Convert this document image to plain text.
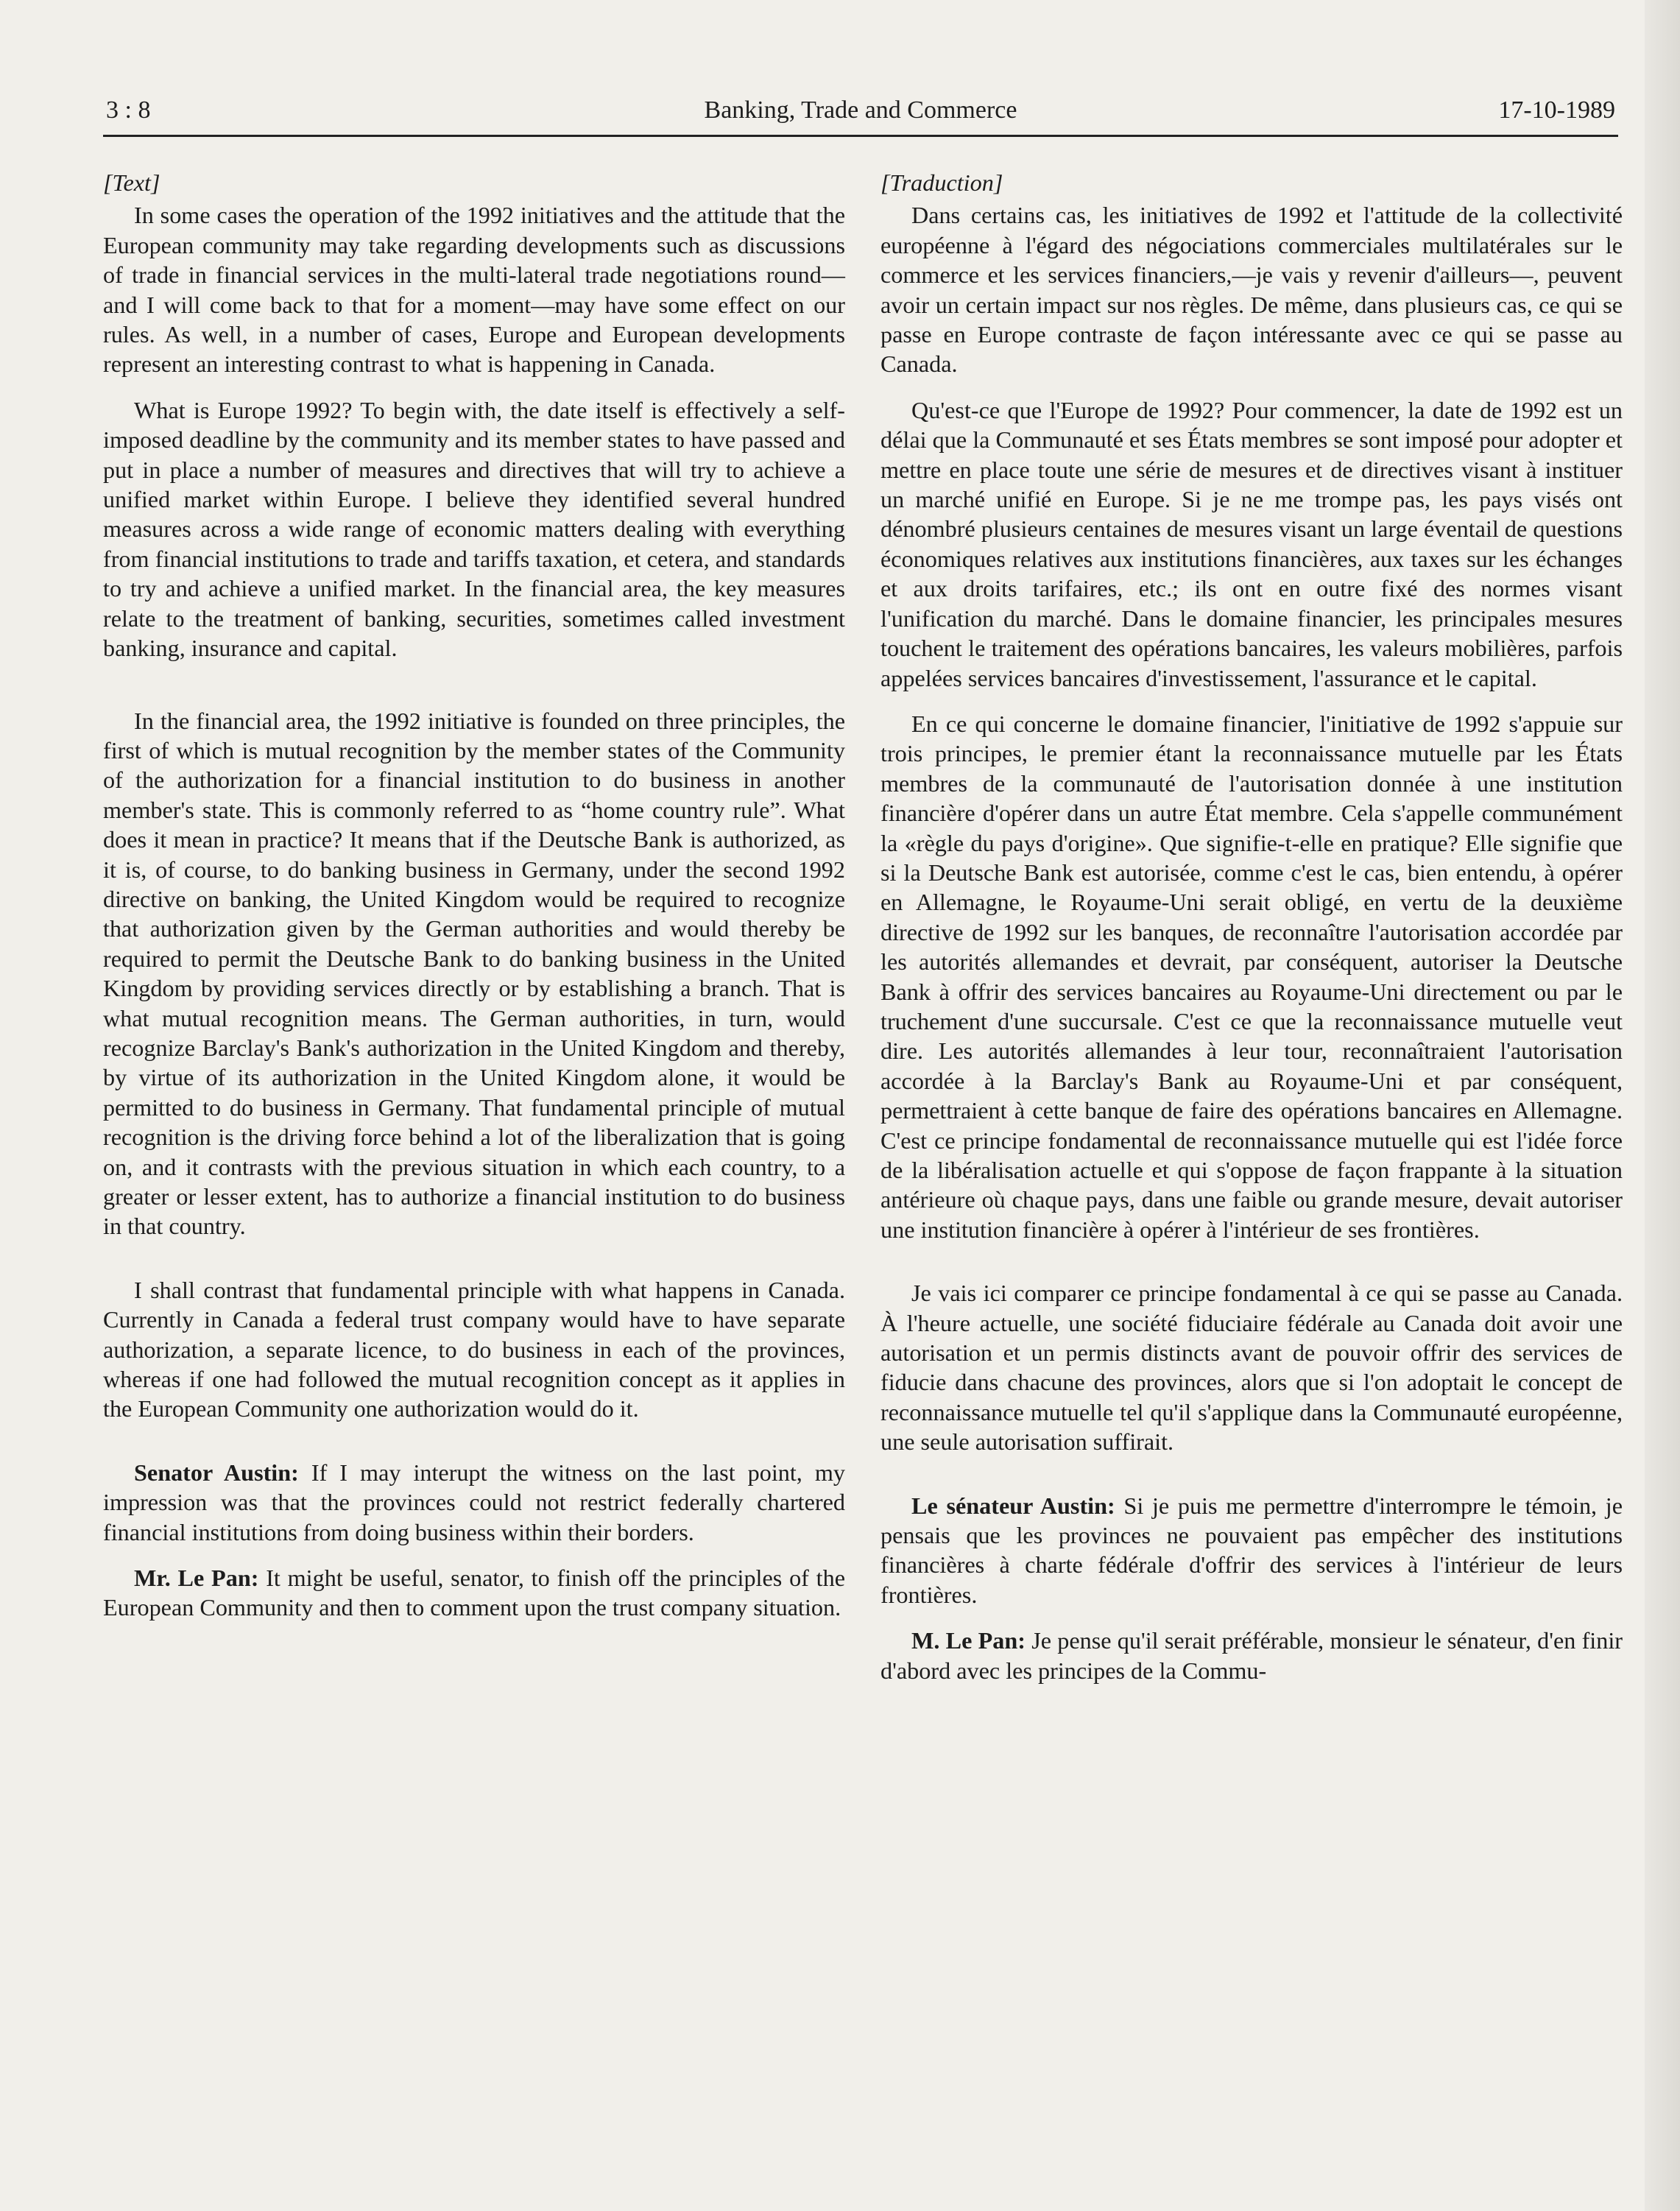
3 : 8	Banking, Trade and Commerce	17-10-1989
[Text]

In some cases the operation of the 1992 initiatives and the attitude that the European community may take regarding developments such as discussions of trade in financial services in the multi-lateral trade negotiations round—and I will come back to that for a moment—may have some effect on our rules. As well, in a number of cases, Europe and European developments represent an interesting contrast to what is happening in Canada.

What is Europe 1992? To begin with, the date itself is effectively a self-imposed deadline by the community and its member states to have passed and put in place a number of measures and directives that will try to achieve a unified market within Europe. I believe they identified several hundred measures across a wide range of economic matters dealing with everything from financial institutions to trade and tariffs taxation, et cetera, and standards to try and achieve a unified market. In the financial area, the key measures relate to the treatment of banking, securities, sometimes called investment banking, insurance and capital.

In the financial area, the 1992 initiative is founded on three principles, the first of which is mutual recognition by the member states of the Community of the authorization for a financial institution to do business in another member's state. This is commonly referred to as “home country rule”. What does it mean in practice? It means that if the Deutsche Bank is authorized, as it is, of course, to do banking business in Germany, under the second 1992 directive on banking, the United Kingdom would be required to recognize that authorization given by the German authorities and would thereby be required to permit the Deutsche Bank to do banking business in the United Kingdom by providing services directly or by establishing a branch. That is what mutual recognition means. The German authorities, in turn, would recognize Barclay's Bank's authorization in the United Kingdom and thereby, by virtue of its authorization in the United Kingdom alone, it would be permitted to do business in Germany. That fundamental principle of mutual recognition is the driving force behind a lot of the liberalization that is going on, and it contrasts with the previous situation in which each country, to a greater or lesser extent, has to authorize a financial institution to do business in that country.

I shall contrast that fundamental principle with what happens in Canada. Currently in Canada a federal trust company would have to have separate authorization, a separate licence, to do business in each of the provinces, whereas if one had followed the mutual recognition concept as it applies in the European Community one authorization would do it.

Senator Austin: If I may interupt the witness on the last point, my impression was that the provinces could not restrict federally chartered financial institutions from doing business within their borders.

Mr. Le Pan: It might be useful, senator, to finish off the principles of the European Community and then to comment upon the trust company situation.

[Traduction]

Dans certains cas, les initiatives de 1992 et l'attitude de la collectivité européenne à l'égard des négociations commerciales multilatérales sur le commerce et les services financiers,—je vais y revenir d'ailleurs—, peuvent avoir un certain impact sur nos règles. De même, dans plusieurs cas, ce qui se passe en Europe contraste de façon intéressante avec ce qui se passe au Canada.

Qu'est-ce que l'Europe de 1992? Pour commencer, la date de 1992 est un délai que la Communauté et ses États membres se sont imposé pour adopter et mettre en place toute une série de mesures et de directives visant à instituer un marché unifié en Europe. Si je ne me trompe pas, les pays visés ont dénombré plusieurs centaines de mesures visant un large éventail de questions économiques relatives aux institutions financières, aux taxes sur les échanges et aux droits tarifaires, etc.; ils ont en outre fixé des normes visant l'unification du marché. Dans le domaine financier, les principales mesures touchent le traitement des opérations bancaires, les valeurs mobilières, parfois appelées services bancaires d'investissement, l'assurance et le capital.

En ce qui concerne le domaine financier, l'initiative de 1992 s'appuie sur trois principes, le premier étant la reconnaissance mutuelle par les États membres de la communauté de l'autorisation donnée à une institution financière d'opérer dans un autre État membre. Cela s'appelle communément la «règle du pays d'origine». Que signifie-t-elle en pratique? Elle signifie que si la Deutsche Bank est autorisée, comme c'est le cas, bien entendu, à opérer en Allemagne, le Royaume-Uni serait obligé, en vertu de la deuxième directive de 1992 sur les banques, de reconnaître l'autorisation accordée par les autorités allemandes et devrait, par conséquent, autoriser la Deutsche Bank à offrir des services bancaires au Royaume-Uni directement ou par le truchement d'une succursale. C'est ce que la reconnaissance mutuelle veut dire. Les autorités allemandes à leur tour, reconnaîtraient l'autorisation accordée à la Barclay's Bank au Royaume-Uni et par conséquent, permettraient à cette banque de faire des opérations bancaires en Allemagne. C'est ce principe fondamental de reconnaissance mutuelle qui est l'idée force de la libéralisation actuelle et qui s'oppose de façon frappante à la situation antérieure où chaque pays, dans une faible ou grande mesure, devait autoriser une institution financière à opérer à l'intérieur de ses frontières.

Je vais ici comparer ce principe fondamental à ce qui se passe au Canada. À l'heure actuelle, une société fiduciaire fédérale au Canada doit avoir une autorisation et un permis distincts avant de pouvoir offrir des services de fiducie dans chacune des provinces, alors que si l'on adoptait le concept de reconnaissance mutuelle tel qu'il s'applique dans la Communauté européenne, une seule autorisation suffirait.

Le sénateur Austin: Si je puis me permettre d'interrompre le témoin, je pensais que les provinces ne pouvaient pas empêcher des institutions financières à charte fédérale d'offrir des services à l'intérieur de leurs frontières.

M. Le Pan: Je pense qu'il serait préférable, monsieur le sénateur, d'en finir d'abord avec les principes de la Commu-
